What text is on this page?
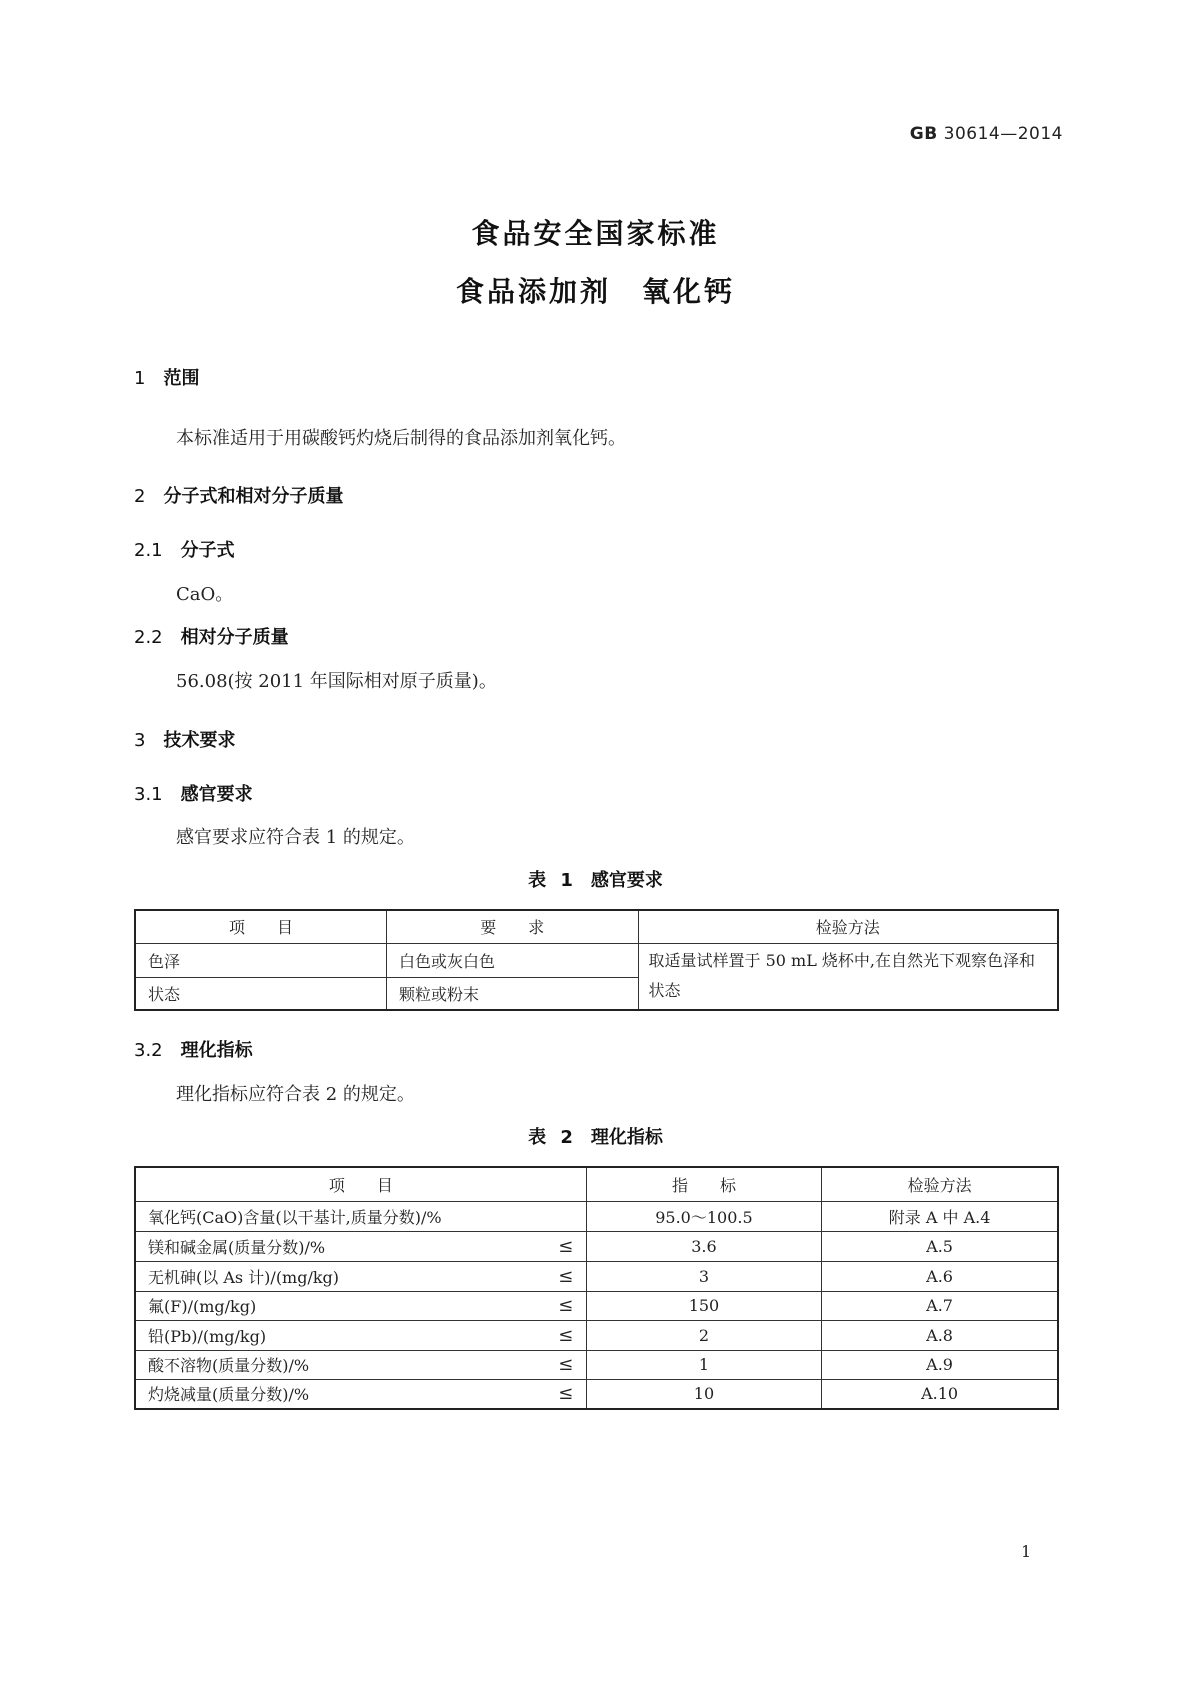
GB 30614—2014
食品安全国家标准
食品添加剂　氧化钙
1 范围
本标准适用于用碳酸钙灼烧后制得的食品添加剂氧化钙。
2 分子式和相对分子质量
2.1 分子式
CaO。
2.2 相对分子质量
56.08(按 2011 年国际相对原子质量)。
3 技术要求
3.1 感官要求
感官要求应符合表 1 的规定。
表 1　感官要求
项　　目	要　　求	检验方法
色泽	白色或灰白色	取适量试样置于 50 mL 烧杯中,在自然光下观察色泽和状态
状态	颗粒或粉末	
3.2 理化指标
理化指标应符合表 2 的规定。
表 2　理化指标
项　　目		指　　标	检验方法
氧化钙(CaO)含量(以干基计,质量分数)/%		95.0～100.5	附录 A 中 A.4
镁和碱金属(质量分数)/%	≤	3.6	A.5
无机砷(以 As 计)/(mg/kg)	≤	3	A.6
氟(F)/(mg/kg)	≤	150	A.7
铅(Pb)/(mg/kg)	≤	2	A.8
酸不溶物(质量分数)/%	≤	1	A.9
灼烧减量(质量分数)/%	≤	10	A.10
1
